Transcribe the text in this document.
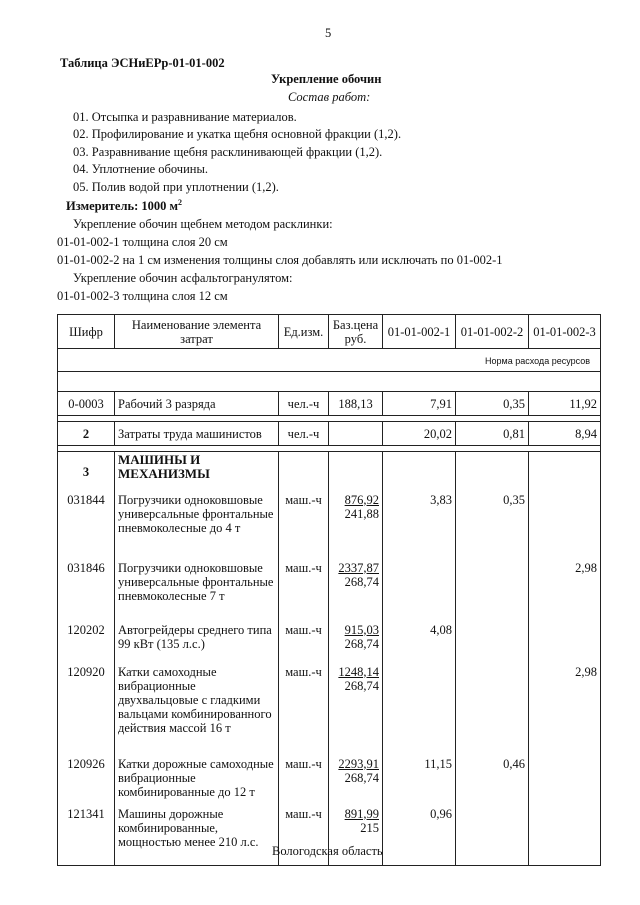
5
Таблица ЭСНиЕРр-01-01-002
Укрепление обочин
Состав работ:
01. Отсыпка и разравнивание материалов.
02. Профилирование и укатка щебня основной фракции (1,2).
03. Разравнивание щебня расклинивающей фракции (1,2).
04. Уплотнение обочины.
05. Полив водой при уплотнении (1,2).
Измеритель: 1000 $м^2$
Укрепление обочин щебнем методом расклинки:
01-01-002-1 толщина слоя 20 см
01-01-002-2 на 1 см изменения толщины слоя добавлять или исключать по 01-002-1
Укрепление обочин асфальтогранулятом:
01-01-002-3 толщина слоя 12 см
Шифр	Наименование элемента затрат	Ед.изм.	Баз.цена руб.	01-01-002-1	01-01-002-2	01-01-002-3
Норма расхода ресурсов						

0-0003	Рабочий 3 разряда	чел.-ч	188,13	7,91	0,35	11,92

2	Затраты труда машинистов	чел.-ч		20,02	0,81	8,94

3	МАШИНЫ И МЕХАНИЗМЫ					
031844	Погрузчики одноковшовые универсальные фронтальные пневмоколесные до 4 т	маш.-ч	876,92
241,88	3,83	0,35	
031846	Погрузчики одноковшовые универсальные фронтальные пневмоколесные 7 т	маш.-ч	2337,87
268,74			2,98
120202	Автогрейдеры среднего типа 99 кВт (135 л.с.)	маш.-ч	915,03
268,74	4,08		
120920	Катки самоходные вибрационные двухвальцовые с гладкими вальцами комбинированного действия массой 16 т	маш.-ч	1248,14
268,74			2,98
120926	Катки дорожные самоходные вибрационные комбинированные до 12 т	маш.-ч	2293,91
268,74	11,15	0,46	
121341	Машины дорожные комбинированные, мощностью менее 210 л.с.	маш.-ч	891,99
215	0,96		
Вологодская область
